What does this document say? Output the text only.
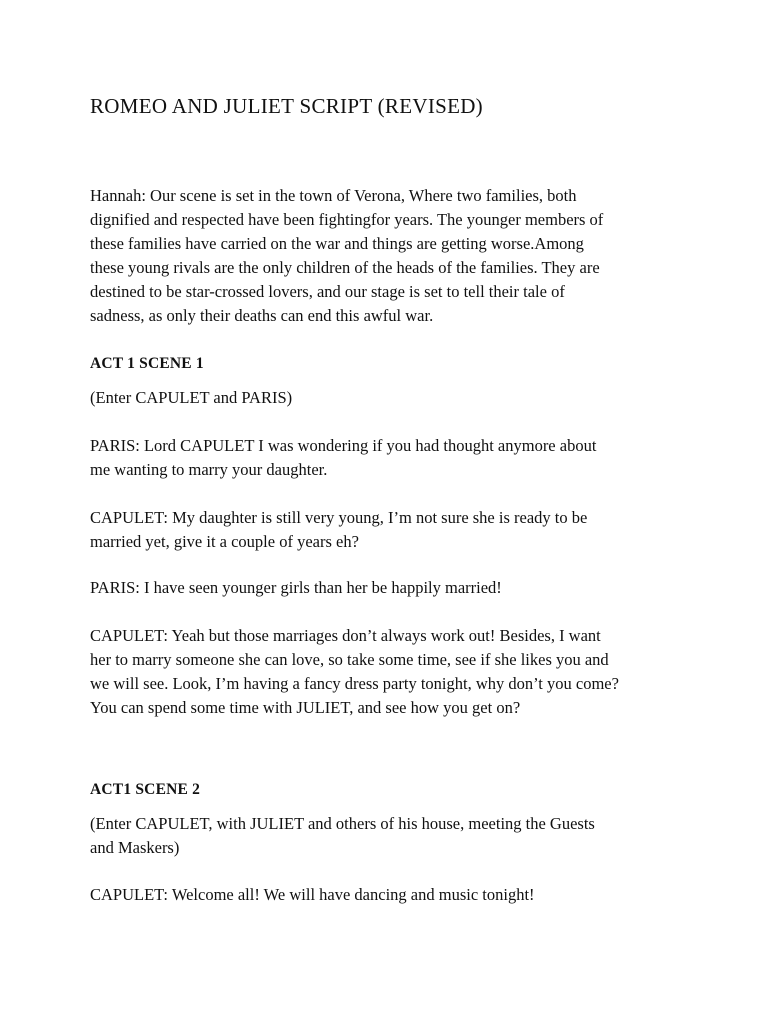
ROMEO AND JULIET SCRIPT (REVISED)

Hannah: Our scene is set in the town of Verona, Where two families, both
dignified and respected have been fightingfor years. The younger members of
these families have carried on the war and things are getting worse.Among
these young rivals are the only children of the heads of the families. They are
destined to be star-crossed lovers, and our stage is set to tell their tale of
sadness, as only their deaths can end this awful war.

ACT 1 SCENE 1

(Enter CAPULET and PARIS)

PARIS: Lord CAPULET I was wondering if you had thought anymore about
me wanting to marry your daughter.

CAPULET: My daughter is still very young, I’m not sure she is ready to be
married yet, give it a couple of years eh?

PARIS: I have seen younger girls than her be happily married!

CAPULET: Yeah but those marriages don’t always work out! Besides, I want
her to marry someone she can love, so take some time, see if she likes you and
we will see. Look, I’m having a fancy dress party tonight, why don’t you come?
You can spend some time with JULIET, and see how you get on?

ACT1 SCENE 2

(Enter CAPULET, with JULIET and others of his house, meeting the Guests
and Maskers)

CAPULET: Welcome all! We will have dancing and music tonight!
